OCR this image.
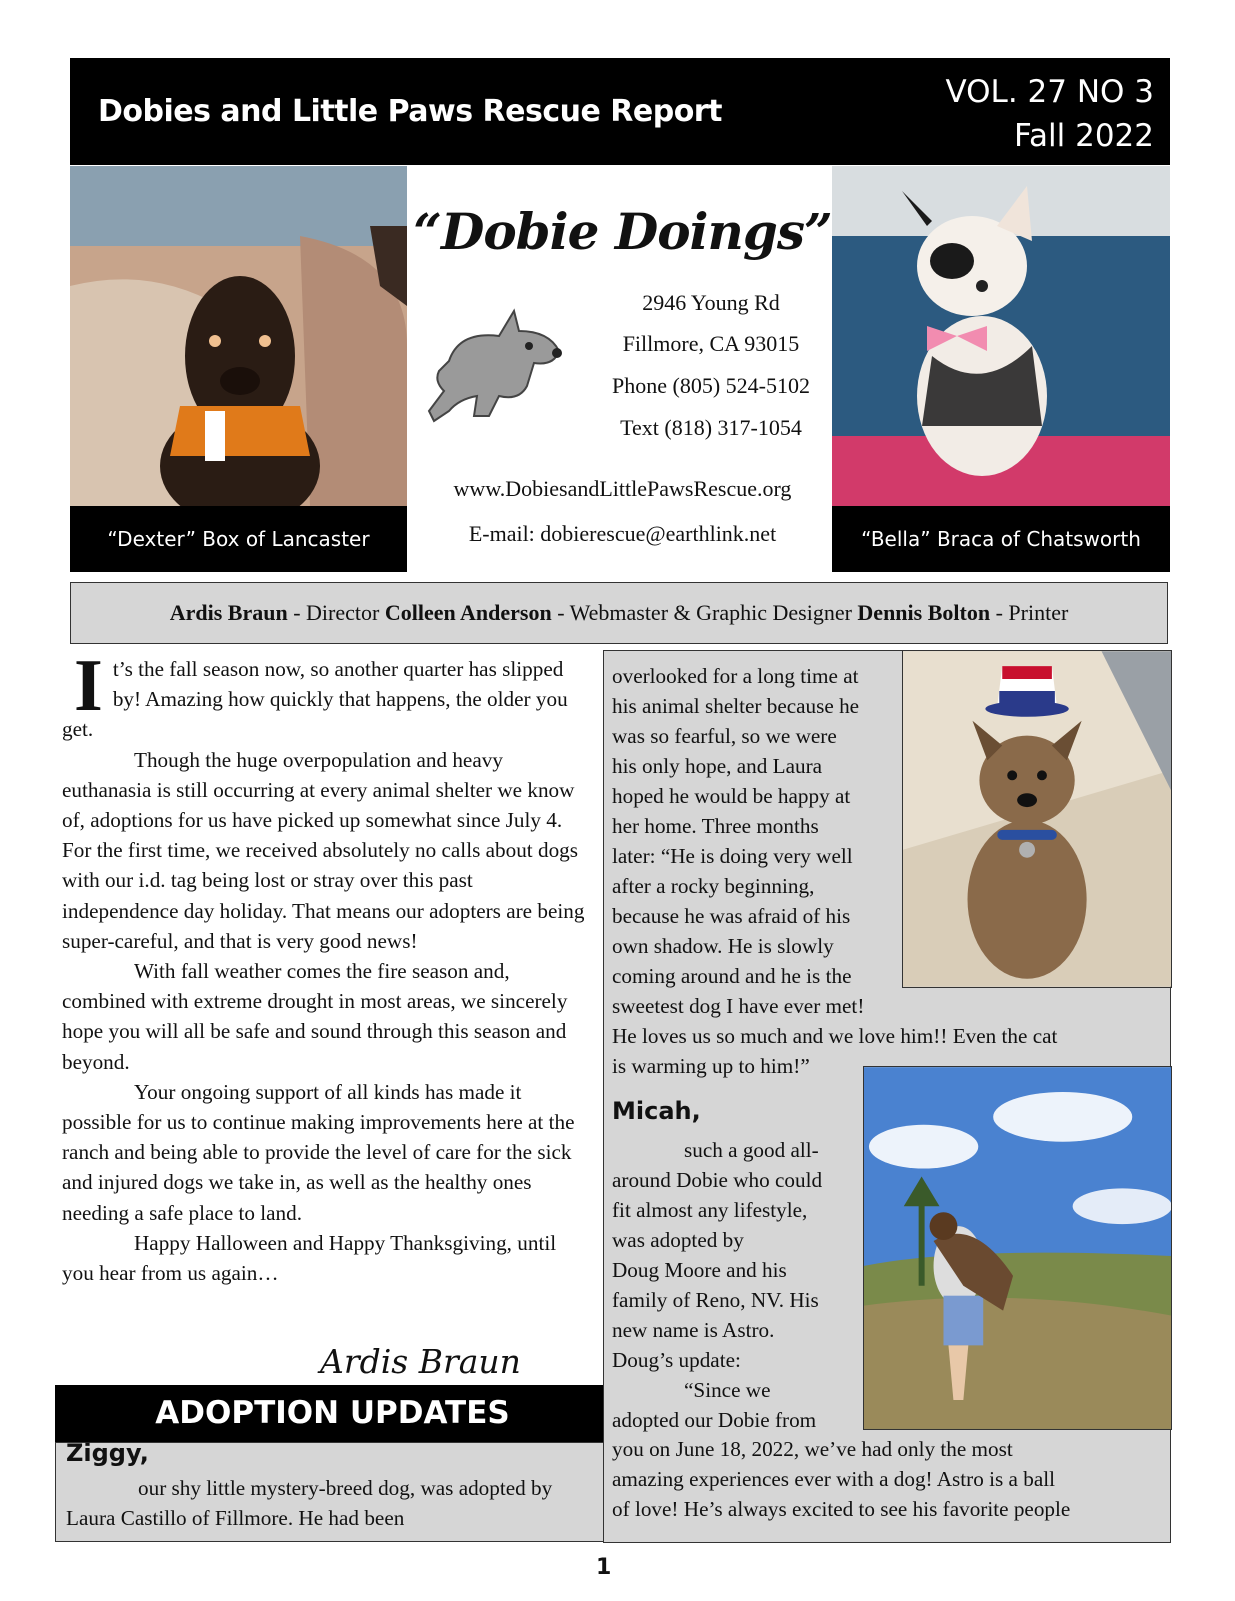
Dobies and Little Paws Rescue Report
VOL. 27 NO 3
Fall 2022
“Dexter” Box of Lancaster
“Dobie Doings”
2946 Young Rd
Fillmore, CA 93015
Phone (805) 524-5102
Text (818) 317-1054
www.DobiesandLittlePawsRescue.org
E-mail: dobierescue@earthlink.net	“Bella” Braca of Chatsworth
Ardis Braun - Director Colleen Anderson - Webmaster & Graphic Designer Dennis Bolton - Printer

It’s the fall season now, so another quarter has slipped by! Amazing how quickly that happens, the older you get.

Though the huge overpopulation and heavy euthanasia is still occurring at every animal shelter we know of, adoptions for us have picked up somewhat since July 4. For the first time, we received absolutely no calls about dogs with our i.d. tag being lost or stray over this past independence day holiday. That means our adopters are being super-careful, and that is very good news!

With fall weather comes the fire season and, combined with extreme drought in most areas, we sincerely hope you will all be safe and sound through this season and beyond.

Your ongoing support of all kinds has made it possible for us to continue making improvements here at the ranch and being able to provide the level of care for the sick and injured dogs we take in, as well as the healthy ones needing a safe place to land.

Happy Halloween and Happy Thanksgiving, until you hear from us again…

Ardis Braun
ADOPTION UPDATES
Ziggy,
our shy little mystery-breed dog, was adopted by Laura Castillo of Fillmore. He had been
overlooked for a long time at
his animal shelter because he
was so fearful, so we were
his only hope, and Laura
hoped he would be happy at
her home. Three months
later: “He is doing very well
after a rocky beginning,
because he was afraid of his
own shadow. He is slowly
coming around and he is the
sweetest dog I have ever met!
He loves us so much and we love him!! Even the cat
is warming up to him!”
Micah,
such a good all-
around Dobie who could
fit almost any lifestyle,
was adopted by
Doug Moore and his
family of Reno, NV. His
new name is Astro.
Doug’s update:
“Since we
adopted our Dobie from
you on June 18, 2022, we’ve had only the most
amazing experiences ever with a dog! Astro is a ball
of love! He’s always excited to see his favorite people
1
